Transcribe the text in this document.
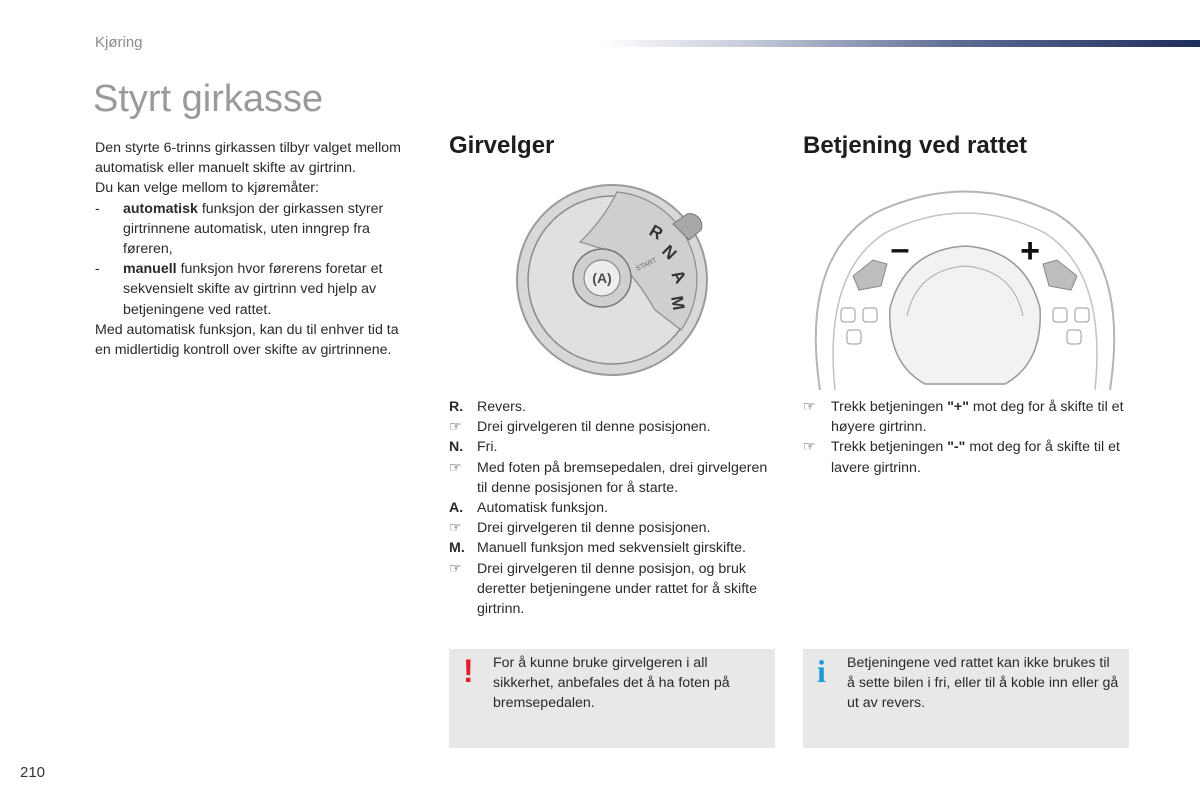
Kjøring
Styrt girkasse

Den styrte 6-trinns girkassen tilbyr valget mellom automatisk eller manuelt skifte av girtrinn.

Du kan velge mellom to kjøremåter:

-	automatisk funksjon der girkassen styrer girtrinnene automatisk, uten inngrep fra føreren,
-	manuell funksjon hvor førerens foretar et sekvensielt skifte av girtrinn ved hjelp av betjeningene ved rattet.

Med automatisk funksjon, kan du til enhver tid ta en midlertidig kontroll over skifte av girtrinnene.

Girvelger
(A)
START
R
N
A
M
R. Revers.
☞	Drei girvelgeren til denne posisjonen.
N. Fri.
☞	Med foten på bremsepedalen, drei girvelgeren til denne posisjonen for å starte.
A. Automatisk funksjon.
☞	Drei girvelgeren til denne posisjonen.
M. Manuell funksjon med sekvensielt girskifte.
☞	Drei girvelgeren til denne posisjon, og bruk deretter betjeningene under rattet for å skifte girtrinn.
! For å kunne bruke girvelgeren i all sikkerhet, anbefales det å ha foten på bremsepedalen.
Betjening ved rattet
–	+
☞	Trekk betjeningen "+" mot deg for å skifte til et høyere girtrinn.
☞	Trekk betjeningen "-" mot deg for å skifte til et lavere girtrinn.
i Betjeningene ved rattet kan ikke brukes til å sette bilen i fri, eller til å koble inn eller gå ut av revers.
210
